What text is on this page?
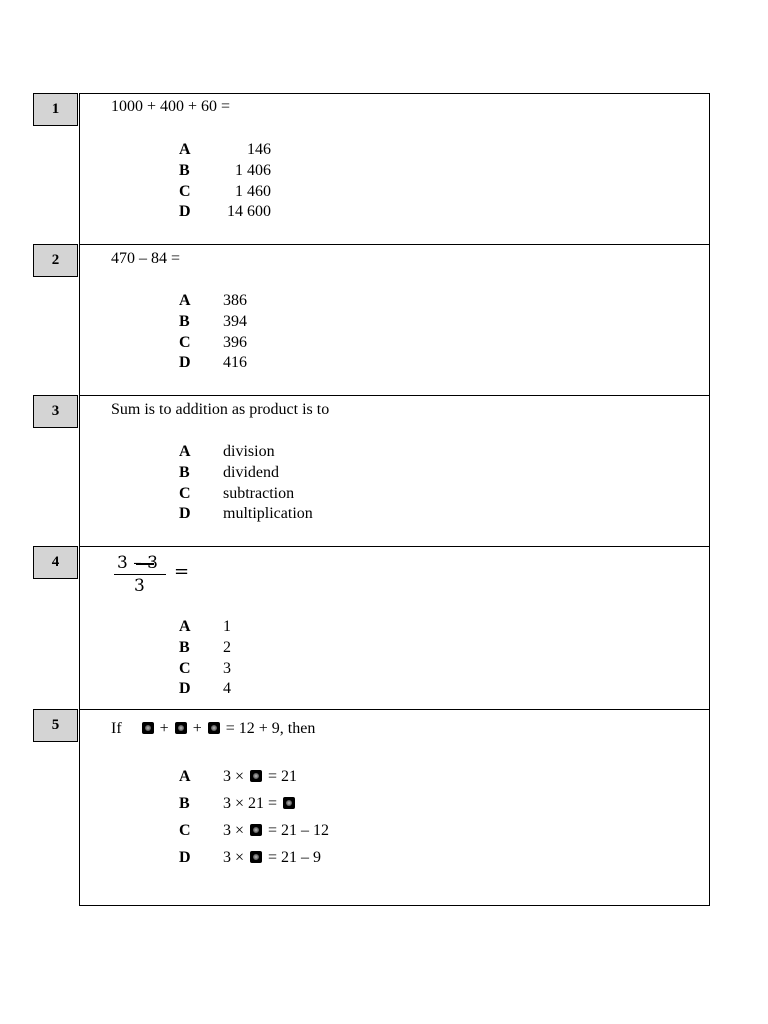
1	1000 + 400 + 60 =
A	146
B	1 406
C	1 460
D	14 600
2	470 – 84 =
A	386
B	394
C	396
D	416
3	Sum is to addition as product is to
A	division
B	dividend
C	subtraction
D	multiplication
4	3 – 3
3
=
A	1
B	2
C	3
D	4
5	If + + = 12 + 9, then
A	3 × = 21
B	3 × 21 =
C	3 × = 21 – 12
D	3 × = 21 – 9
